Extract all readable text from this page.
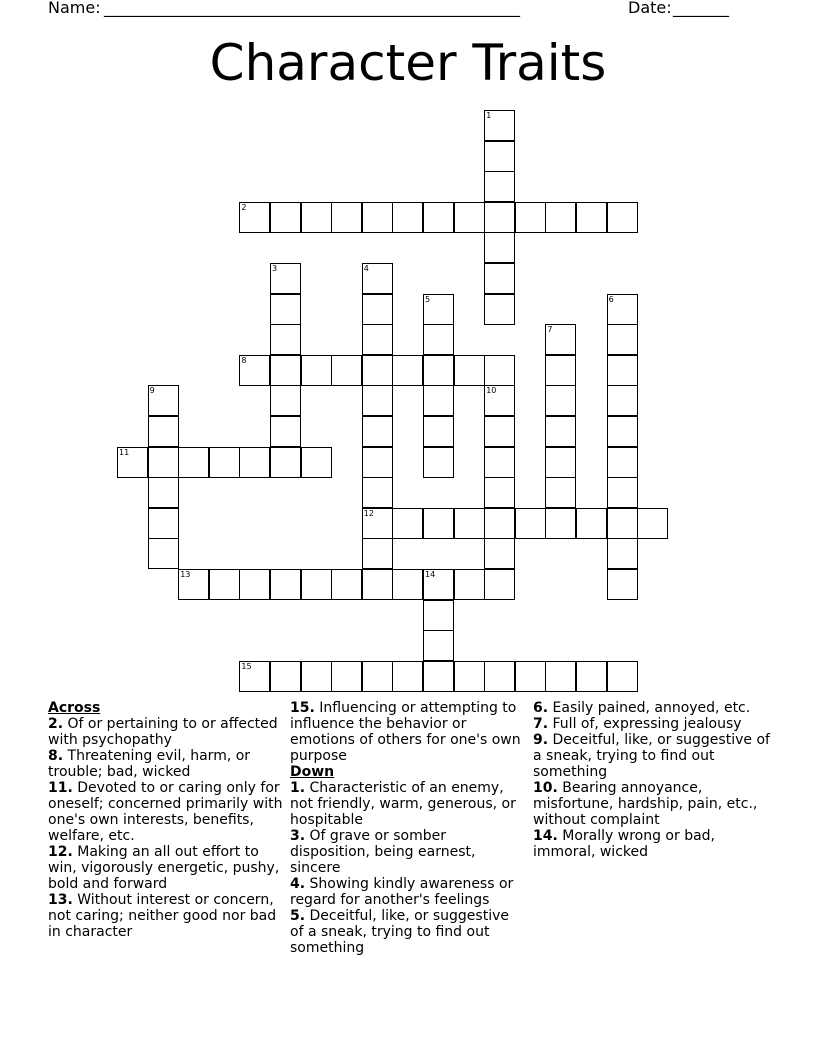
Name: ____________________________________________________	Date: _______
Character Traits
1
2
3	4
12
5	6
7
8
9	10
11
13	14
15

Across

2. Of or pertaining to or affected with psychopathy

8. Threatening evil, harm, or trouble; bad, wicked

11. Devoted to or caring only for oneself; concerned primarily with one's own interests, benefits, welfare, etc.

12. Making an all out effort to win, vigorously energetic, pushy, bold and forward

13. Without interest or concern, not caring; neither good nor bad in character

15. Influencing or attempting to influence the behavior or emotions of others for one's own purpose

Down

1. Characteristic of an enemy, not friendly, warm, generous, or hospitable

3. Of grave or somber disposition, being earnest, sincere

4. Showing kindly awareness or regard for another's feelings

5. Deceitful, like, or suggestive of a sneak, trying to find out something

6. Easily pained, annoyed, etc.

7. Full of, expressing jealousy

9. Deceitful, like, or suggestive of a sneak, trying to find out something

10. Bearing annoyance, misfortune, hardship, pain, etc., without complaint

14. Morally wrong or bad, immoral, wicked
